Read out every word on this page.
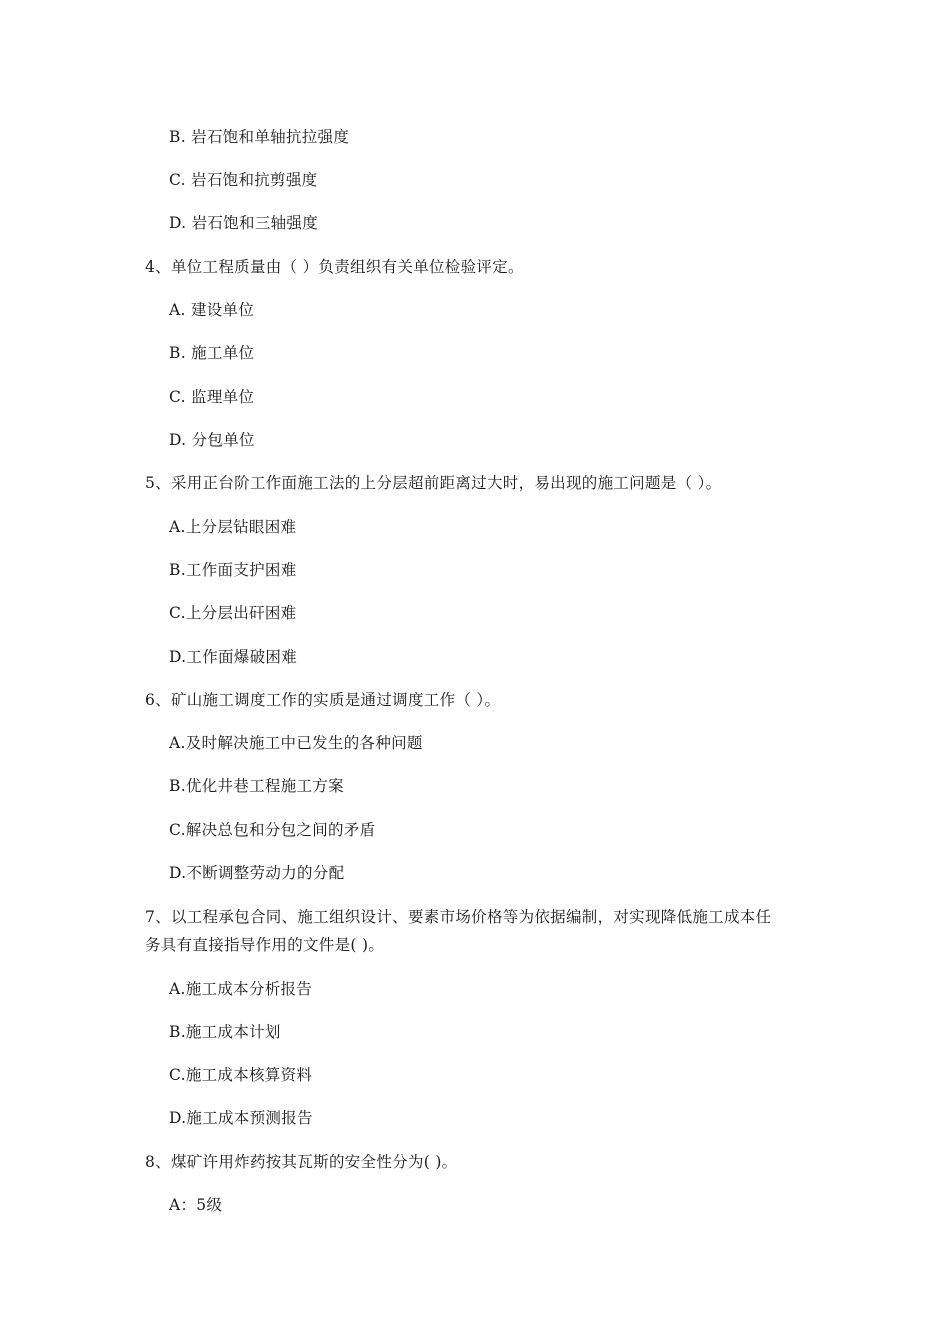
B. 岩石饱和单轴抗拉强度
C. 岩石饱和抗剪强度
D. 岩石饱和三轴强度
4、单位工程质量由（ ）负责组织有关单位检验评定。
A. 建设单位
B. 施工单位
C. 监理单位
D. 分包单位
5、采用正台阶工作面施工法的上分层超前距离过大时，易出现的施工问题是（ ）。
A.上分层钻眼困难
B.工作面支护困难
C.上分层出矸困难
D.工作面爆破困难
6、矿山施工调度工作的实质是通过调度工作（ ）。
A.及时解决施工中已发生的各种问题
B.优化井巷工程施工方案
C.解决总包和分包之间的矛盾
D.不断调整劳动力的分配
7、以工程承包合同、施工组织设计、要素市场价格等为依据编制，对实现降低施工成本任
务具有直接指导作用的文件是( )。
A.施工成本分析报告
B.施工成本计划
C.施工成本核算资料
D.施工成本预测报告
8、煤矿许用炸药按其瓦斯的安全性分为( )。
A：5级
